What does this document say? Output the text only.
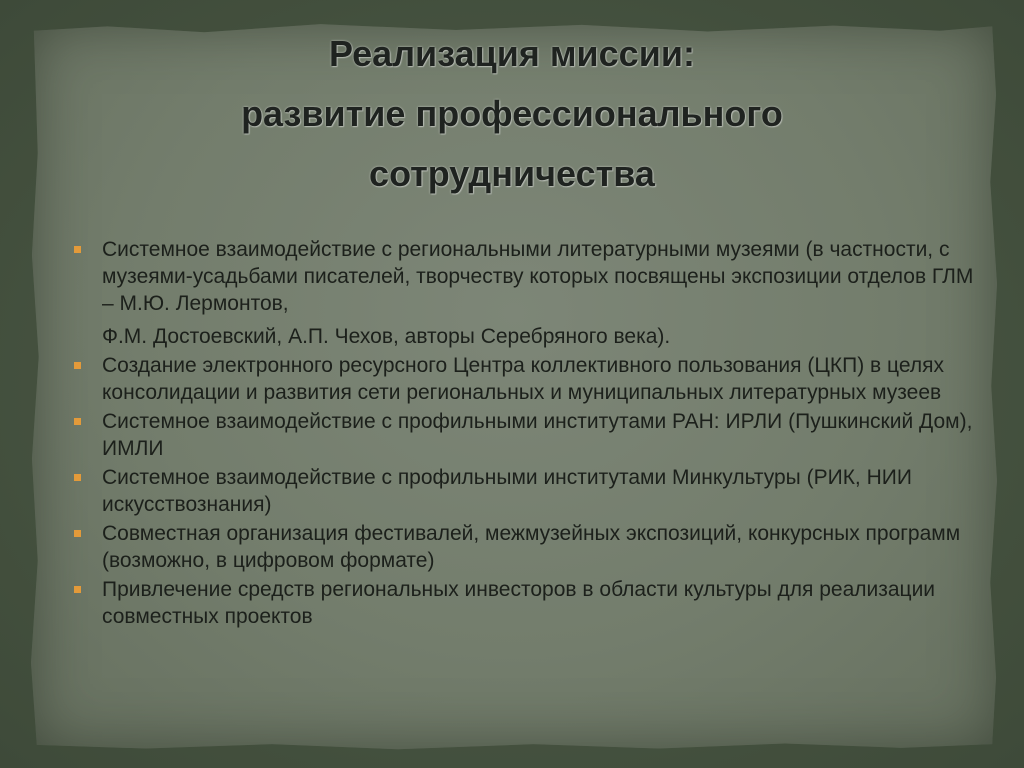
Реализация миссии:
развитие профессионального
сотрудничества
Системное взаимодействие с региональными литературными музеями (в частности, с музеями-усадьбами писателей, творчеству которых посвящены экспозиции отделов ГЛМ – М.Ю. Лермонтов,
Ф.М. Достоевский, А.П. Чехов, авторы Серебряного века).
Создание электронного ресурсного Центра коллективного пользования (ЦКП) в целях консолидации и развития сети региональных и муниципальных литературных музеев
Системное взаимодействие с профильными институтами РАН: ИРЛИ (Пушкинский Дом), ИМЛИ
Системное взаимодействие с профильными институтами Минкультуры (РИК, НИИ искусствознания)
Совместная организация фестивалей, межмузейных экспозиций, конкурсных программ (возможно, в цифровом формате)
Привлечение средств региональных инвесторов в области культуры для реализации совместных проектов
